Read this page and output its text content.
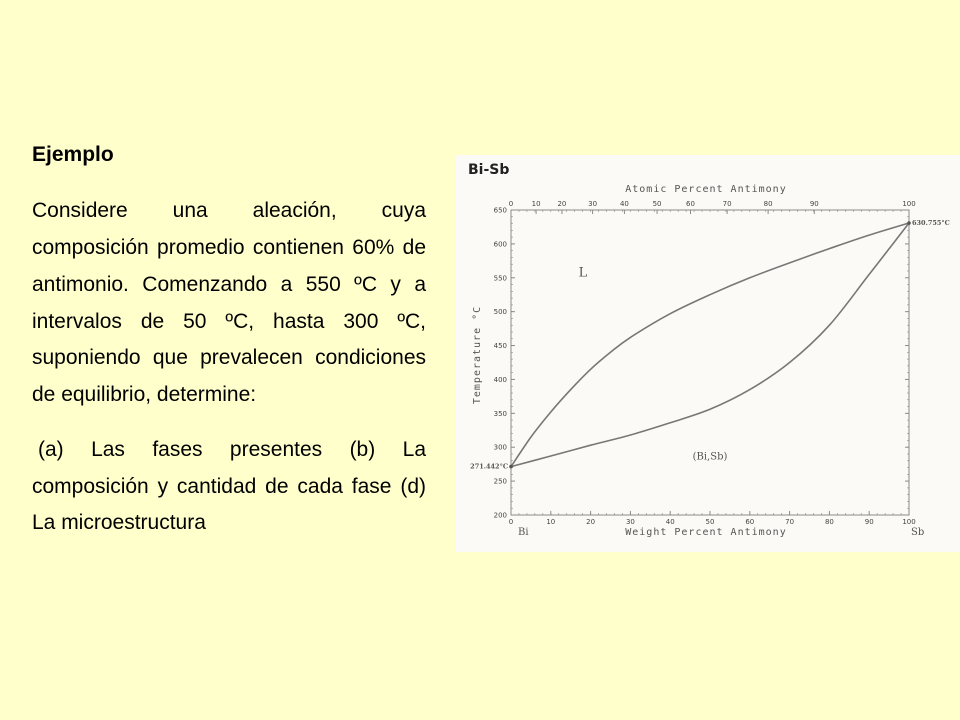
Ejemplo

Considere una aleación, cuya composición promedio contienen 60% de antimonio. Comenzando a 550 ºC y a intervalos de 50 ºC, hasta 300 ºC, suponiendo que prevalecen condiciones de equilibrio, determine:

(a) Las fases presentes (b) La composición y cantidad de cada fase (d) La microestructura

Bi-Sb
Atomic Percent Antimony
Weight Percent Antimony
Temperature °C
Bi	Sb
0	10	20	30	40	50	60	70	80	90	100
0	10 20	30	40	50	60	70	80	90	100
200
250
300
350
400
450
500
550
600
650
L
(Bi,Sb)
271.442°C
630.755°C
